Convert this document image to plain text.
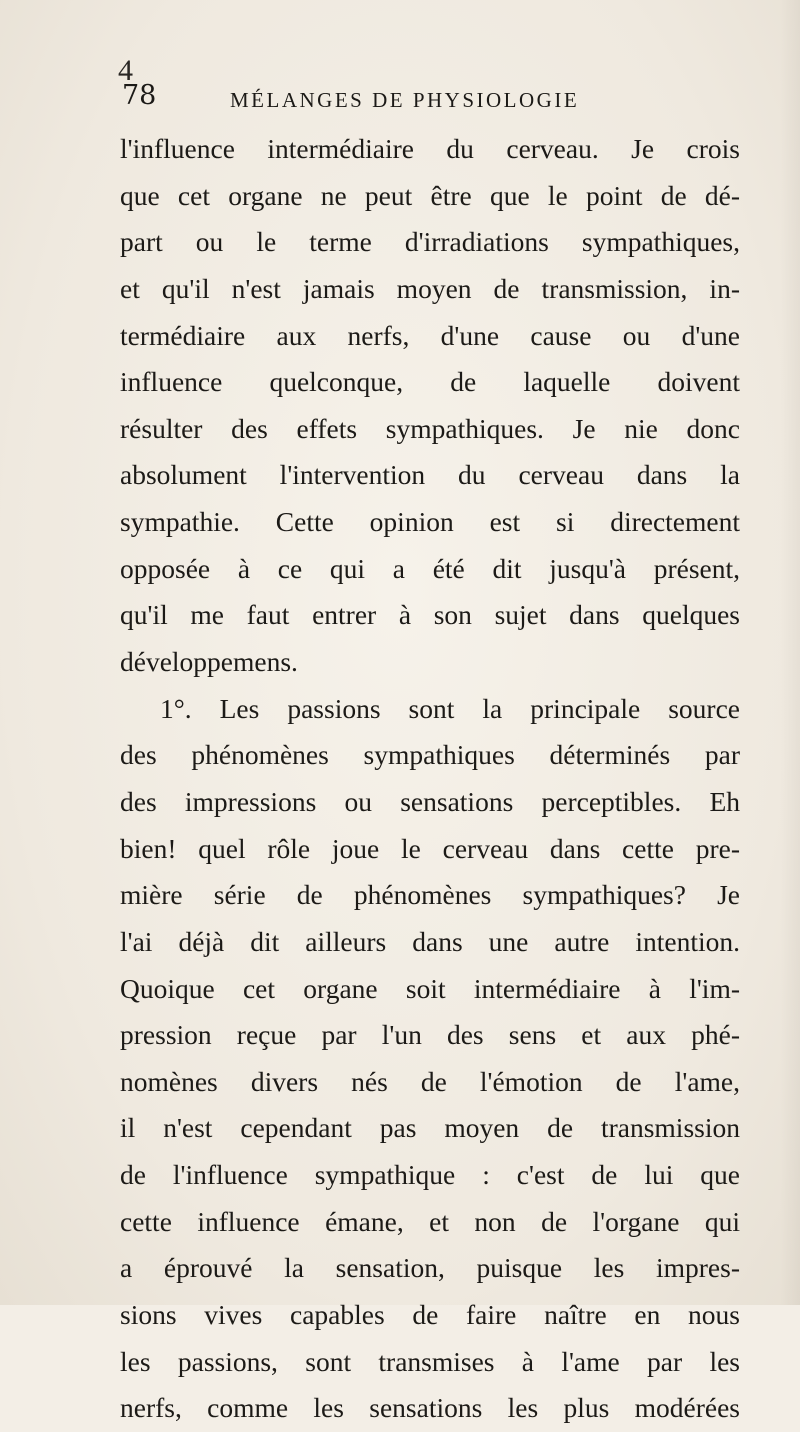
4
78	MÉLANGES DE PHYSIOLOGIE
l'influence intermédiaire du cerveau. Je crois
que cet organe ne peut être que le point de dé-
part ou le terme d'irradiations sympathiques,
et qu'il n'est jamais moyen de transmission, in-
termédiaire aux nerfs, d'une cause ou d'une
influence quelconque, de laquelle doivent
résulter des effets sympathiques. Je nie donc
absolument l'intervention du cerveau dans la
sympathie. Cette opinion est si directement
opposée à ce qui a été dit jusqu'à présent,
qu'il me faut entrer à son sujet dans quelques
développemens.
1°. Les passions sont la principale source
des phénomènes sympathiques déterminés par
des impressions ou sensations perceptibles. Eh
bien! quel rôle joue le cerveau dans cette pre-
mière série de phénomènes sympathiques? Je
l'ai déjà dit ailleurs dans une autre intention.
Quoique cet organe soit intermédiaire à l'im-
pression reçue par l'un des sens et aux phé-
nomènes divers nés de l'émotion de l'ame,
il n'est cependant pas moyen de transmission
de l'influence sympathique : c'est de lui que
cette influence émane, et non de l'organe qui
a éprouvé la sensation, puisque les impres-
sions vives capables de faire naître en nous
les passions, sont transmises à l'ame par les
nerfs, comme les sensations les plus modérées
